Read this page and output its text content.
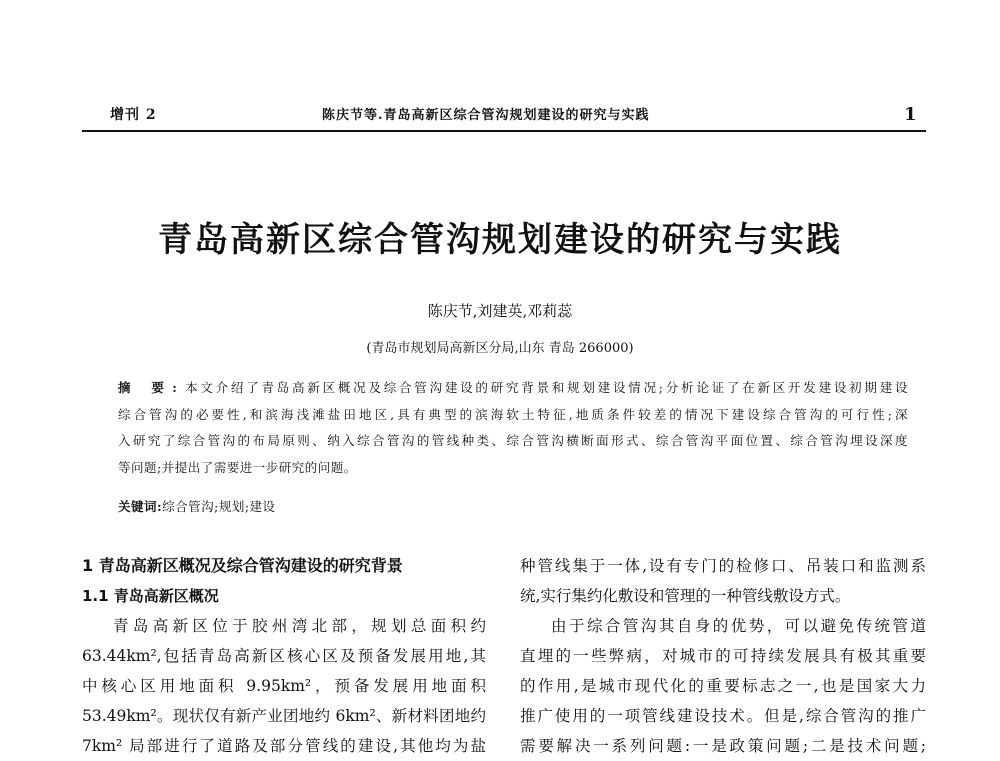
增刊 2	陈庆节等.青岛高新区综合管沟规划建设的研究与实践	1
青岛高新区综合管沟规划建设的研究与实践
陈庆节,刘建英,邓莉蕊
(青岛市规划局高新区分局,山东 青岛 266000)
摘 要:本文介绍了青岛高新区概况及综合管沟建设的研究背景和规划建设情况;分析论证了在新区开发建设初期建设
综合管沟的必要性,和滨海浅滩盐田地区,具有典型的滨海软土特征,地质条件较差的情况下建设综合管沟的可行性;深
入研究了综合管沟的布局原则、纳入综合管沟的管线种类、综合管沟横断面形式、综合管沟平面位置、综合管沟埋设深度
等问题;并提出了需要进一步研究的问题。
关键词:综合管沟;规划;建设
1 青岛高新区概况及综合管沟建设的研究背景
1.1 青岛高新区概况
青岛高新区位于胶州湾北部，规划总面积约
63.44km²,包括青岛高新区核心区及预备发展用地,其
中核心区用地面积 9.95km²，预备发展用地面积
53.49km²。现状仅有新产业团地约 6km²、新材料团地约
7km² 局部进行了道路及部分管线的建设,其他均为盐
种管线集于一体,设有专门的检修口、吊装口和监测系
统,实行集约化敷设和管理的一种管线敷设方式。
由于综合管沟其自身的优势，可以避免传统管道
直埋的一些弊病，对城市的可持续发展具有极其重要
的作用,是城市现代化的重要标志之一,也是国家大力
推广使用的一项管线建设技术。但是,综合管沟的推广
需要解决一系列问题:一是政策问题;二是技术问题;
